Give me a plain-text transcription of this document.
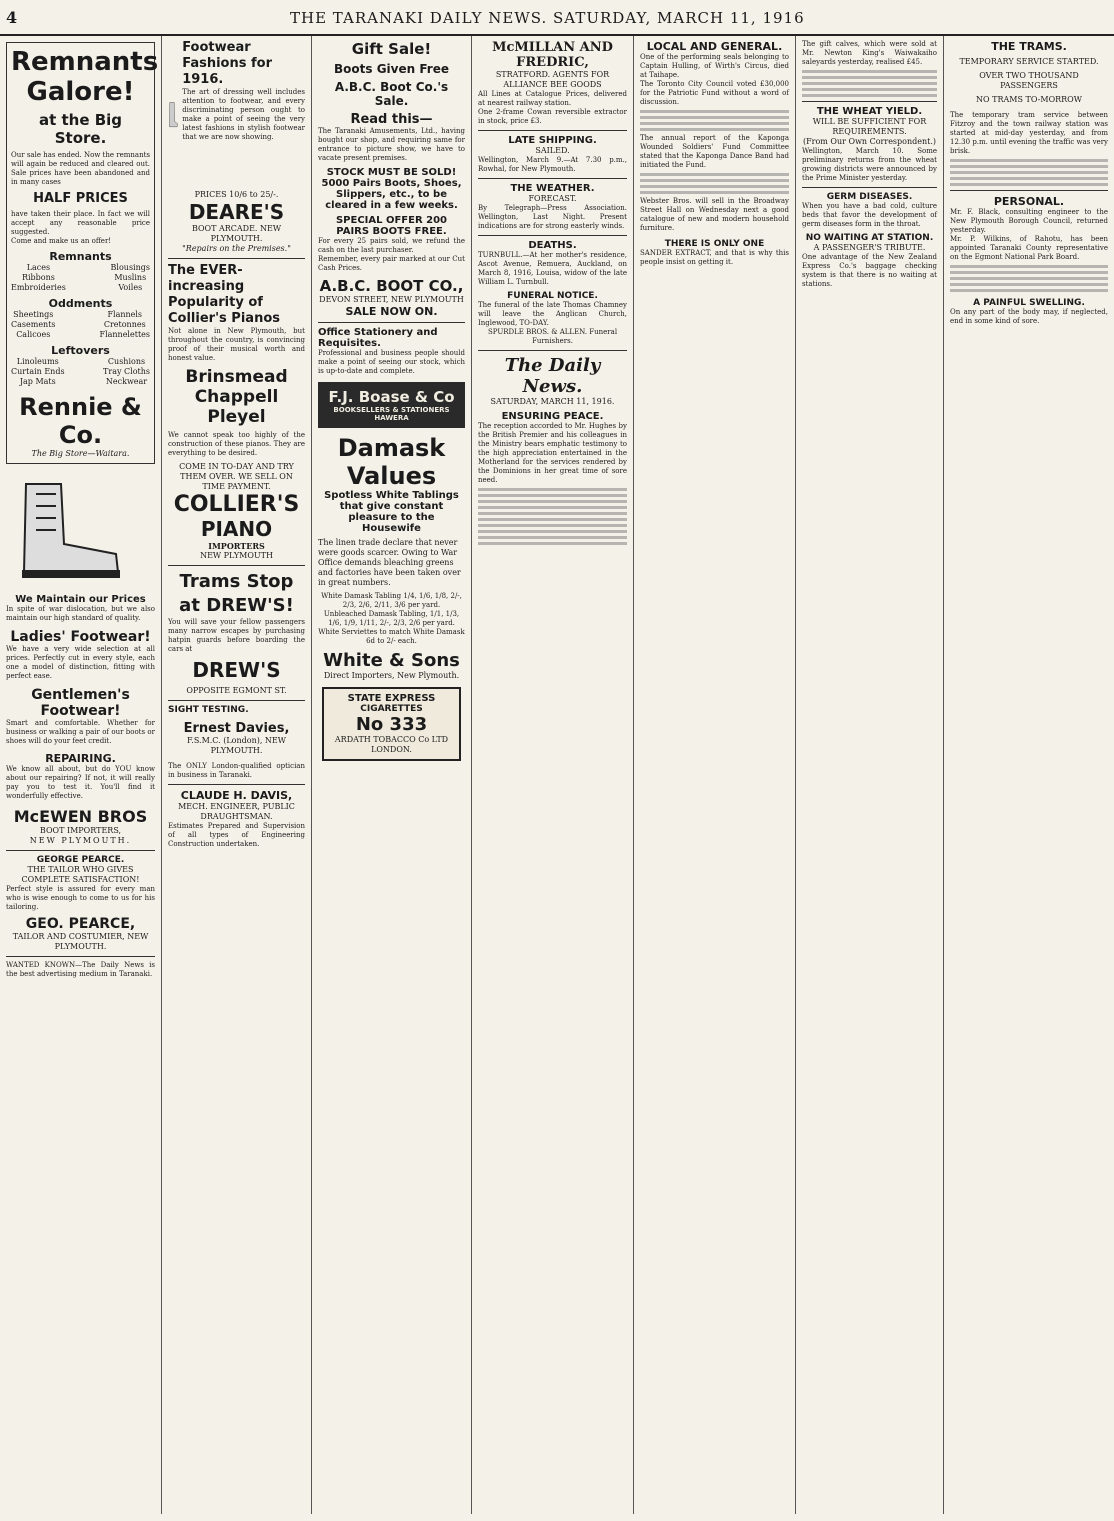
4	THE TARANAKI DAILY NEWS. SATURDAY, MARCH 11, 1916
Remnants Galore!
at the Big Store.
Our sale has ended. Now the remnants will again be reduced and cleared out. Sale prices have been abandoned and in many cases
HALF PRICES
have taken their place. In fact we will accept any reasonable price suggested.
Come and make us an offer!
Remnants
Laces
Ribbons
Embroideries
Blousings
Muslins
Voiles
Oddments
Sheetings
Casements
Calicoes
Flannels
Cretonnes
Flannelettes
Leftovers
Linoleums
Curtain Ends
Jap Mats
Cushions
Tray Cloths
Neckwear
Rennie & Co.
The Big Store—Waitara.
We Maintain our Prices
In spite of war dislocation, but we also maintain our high standard of quality.
Ladies' Footwear!
We have a very wide selection at all prices. Perfectly cut in every style, each one a model of distinction, fitting with perfect ease.
Gentlemen's Footwear!
Smart and comfortable. Whether for business or walking a pair of our boots or shoes will do your feet credit.
REPAIRING.
We know all about, but do YOU know about our repairing? If not, it will really pay you to test it. You'll find it wonderfully effective.
McEWEN BROS
BOOT IMPORTERS,
NEW PLYMOUTH.
GEORGE PEARCE.
THE TAILOR WHO GIVES COMPLETE SATISFACTION!
Perfect style is assured for every man who is wise enough to come to us for his tailoring.
GEO. PEARCE,
TAILOR AND COSTUMIER, NEW PLYMOUTH.
WANTED KNOWN—The Daily News is the best advertising medium in Taranaki.
Footwear Fashions for 1916.
The art of dressing well includes attention to footwear, and every discriminating person ought to make a point of seeing the very latest fashions in stylish footwear that we are now showing.
PRICES 10/6 to 25/-.
DEARE'S
BOOT ARCADE. NEW PLYMOUTH.
"Repairs on the Premises."
The EVER-increasing Popularity of Collier's Pianos
Not alone in New Plymouth, but throughout the country, is convincing proof of their musical worth and honest value.
Brinsmead Chappell Pleyel
We cannot speak too highly of the construction of these pianos. They are everything to be desired.
COME IN TO-DAY AND TRY THEM OVER. WE SELL ON TIME PAYMENT.
COLLIER'S
PIANO
IMPORTERS
NEW PLYMOUTH
Trams Stop at DREW'S!
You will save your fellow passengers many narrow escapes by purchasing hatpin guards before boarding the cars at
DREW'S
OPPOSITE EGMONT ST.
SIGHT TESTING.
Ernest Davies,
F.S.M.C. (London), NEW PLYMOUTH.
The ONLY London-qualified optician in business in Taranaki.
CLAUDE H. DAVIS,
MECH. ENGINEER, PUBLIC DRAUGHTSMAN.
Estimates Prepared and Supervision of all types of Engineering Construction undertaken.
Gift Sale!
Boots Given Free
A.B.C. Boot Co.'s Sale.
Read this—
The Taranaki Amusements, Ltd., having bought our shop, and requiring same for entrance to picture show, we have to vacate present premises.
STOCK MUST BE SOLD! 5000 Pairs Boots, Shoes, Slippers, etc., to be cleared in a few weeks.
SPECIAL OFFER 200 PAIRS BOOTS FREE.
For every 25 pairs sold, we refund the cash on the last purchaser.
Remember, every pair marked at our Cut Cash Prices.
A.B.C. BOOT CO.,
DEVON STREET, NEW PLYMOUTH
SALE NOW ON.
Office Stationery and Requisites.
Professional and business people should make a point of seeing our stock, which is up-to-date and complete.
F.J. Boase & Co
BOOKSELLERS & STATIONERS HAWERA
Damask Values
Spotless White Tablings that give constant pleasure to the Housewife
The linen trade declare that never were goods scarcer. Owing to War Office demands bleaching greens and factories have been taken over in great numbers.
White Damask Tabling 1/4, 1/6, 1/8, 2/-, 2/3, 2/6, 2/11, 3/6 per yard.
Unbleached Damask Tabling, 1/1, 1/3, 1/6, 1/9, 1/11, 2/-, 2/3, 2/6 per yard.
White Serviettes to match White Damask 6d to 2/- each.
White & Sons
Direct Importers, New Plymouth.
STATE EXPRESS
CIGARETTES
No 333
ARDATH TOBACCO Co LTD LONDON.
McMILLAN AND FREDRIC,
STRATFORD. AGENTS FOR ALLIANCE BEE GOODS
All Lines at Catalogue Prices, delivered at nearest railway station.
One 2-frame Cowan reversible extractor in stock, price £3.
LATE SHIPPING.
SAILED.
Wellington, March 9.—At 7.30 p.m., Rowhal, for New Plymouth.
THE WEATHER.
FORECAST.
By Telegraph—Press Association. Wellington, Last Night. Present indications are for strong easterly winds.
DEATHS.
TURNBULL.—At her mother's residence, Ascot Avenue, Remuera, Auckland, on March 8, 1916, Louisa, widow of the late William L. Turnbull.
FUNERAL NOTICE.
The funeral of the late Thomas Chamney will leave the Anglican Church, Inglewood, TO-DAY.
SPURDLE BROS. & ALLEN. Funeral Furnishers.
The Daily News.
SATURDAY, MARCH 11, 1916.
ENSURING PEACE.
The reception accorded to Mr. Hughes by the British Premier and his colleagues in the Ministry bears emphatic testimony to the high appreciation entertained in the Motherland for the services rendered by the Dominions in her great time of sore need.
LOCAL AND GENERAL.
One of the performing seals belonging to Captain Hulling, of Wirth's Circus, died at Taihape.
The Toronto City Council voted £30,000 for the Patriotic Fund without a word of discussion.
The annual report of the Kaponga Wounded Soldiers' Fund Committee stated that the Kaponga Dance Band had initiated the Fund.
Webster Bros. will sell in the Broadway Street Hall on Wednesday next a good catalogue of new and modern household furniture.
THERE IS ONLY ONE
SANDER EXTRACT, and that is why this people insist on getting it.
The gift calves, which were sold at Mr. Newton King's Waiwakaiho saleyards yesterday, realised £45.
THE WHEAT YIELD.
WILL BE SUFFICIENT FOR REQUIREMENTS.
(From Our Own Correspondent.)
Wellington, March 10. Some preliminary returns from the wheat growing districts were announced by the Prime Minister yesterday.
GERM DISEASES.
When you have a bad cold, culture beds that favor the development of germ diseases form in the throat.
NO WAITING AT STATION.
A PASSENGER'S TRIBUTE.
One advantage of the New Zealand Express Co.'s baggage checking system is that there is no waiting at stations.
THE TRAMS.
TEMPORARY SERVICE STARTED.
OVER TWO THOUSAND PASSENGERS
NO TRAMS TO-MORROW
The temporary tram service between Fitzroy and the town railway station was started at mid-day yesterday, and from 12.30 p.m. until evening the traffic was very brisk.
PERSONAL.
Mr. F. Black, consulting engineer to the New Plymouth Borough Council, returned yesterday.
Mr. P. Wilkins, of Rahotu, has been appointed Taranaki County representative on the Egmont National Park Board.
A PAINFUL SWELLING.
On any part of the body may, if neglected, end in some kind of sore.
